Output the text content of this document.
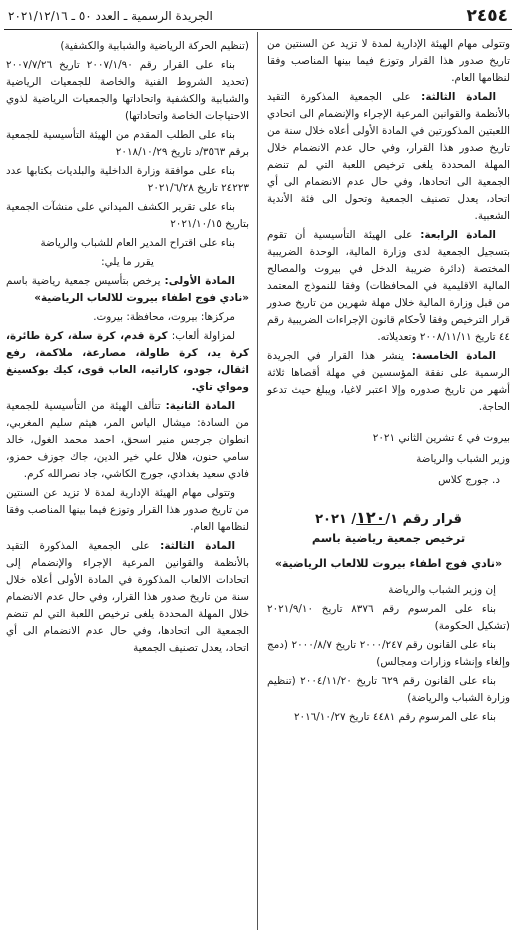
٢٤٥٤
الجريدة الرسمية ـ العدد ٥٠ ـ ٢٠٢١/١٢/١٦

وتتولى مهام الهيئة الإدارية لمدة لا تزيد عن السنتين من تاريخ صدور هذا القرار وتوزع فيما بينها المناصب وفقا لنظامها العام.

المادة الثالثة: على الجمعية المذكورة التقيد بالأنظمة والقوانين المرعية الإجراء والإنضمام الى اتحادي اللعبتين المذكورتين في المادة الأولى أعلاه خلال سنة من تاريخ صدور هذا القرار، وفي حال عدم الانضمام خلال المهلة المحددة يلغى ترخيص اللعبة التي لم تنضم الجمعية الى اتحادها، وفي حال عدم الانضمام الى أي اتحاد، يعدل تصنيف الجمعية وتحول الى فئة الأندية الشعبية.

المادة الرابعة: على الهيئة التأسيسية أن تقوم بتسجيل الجمعية لدى وزارة المالية، الوحدة الضريبية المختصة (دائرة ضريبة الدخل في بيروت والمصالح المالية الاقليمية في المحافظات) وفقا للنموذج المعتمد من قبل وزارة المالية خلال مهلة شهرين من تاريخ صدور قرار الترخيص وفقا لأحكام قانون الإجراءات الضريبية رقم ٤٤ تاريخ ٢٠٠٨/١١/١١ وتعديلاته.

المادة الخامسة: ينشر هذا القرار في الجريدة الرسمية على نفقة المؤسسين في مهلة أقصاها ثلاثة أشهر من تاريخ صدوره وإلا اعتبر لاغيا، ويبلغ حيث تدعو الحاجة.

بيروت في ٤ تشرين الثاني ٢٠٢١
وزير الشباب والرياضة
د. جورج كلاس
قرار رقم ١٢٠/١/ ٢٠٢١
ترخيص جمعية رياضية باسم
«نادي فوج اطفاء بيروت للالعاب الرياضية»

إن وزير الشباب والرياضة

بناء على المرسوم رقم ٨٣٧٦ تاريخ ٢٠٢١/٩/١٠ (تشكيل الحكومة)

بناء على القانون رقم ٢٠٠٠/٢٤٧ تاريخ ٢٠٠٠/٨/٧ (دمج وإلغاء وإنشاء وزارات ومجالس)

بناء على القانون رقم ٦٢٩ تاريخ ٢٠٠٤/١١/٢٠ (تنظيم وزارة الشباب والرياضة)

بناء على المرسوم رقم ٤٤٨١ تاريخ ٢٠١٦/١٠/٢٧

(تنظيم الحركة الرياضية والشبابية والكشفية)

بناء على القرار رقم ٢٠٠٧/١/٩٠ تاريخ ٢٠٠٧/٧/٢٦ (تحديد الشروط الفنية والخاصة للجمعيات الرياضية والشبابية والكشفية واتحاداتها والجمعيات الرياضية لذوي الاحتياجات الخاصة واتحاداتها)

بناء على الطلب المقدم من الهيئة التأسيسية للجمعية برقم ٣٥٦٣/د تاريخ ٢٠١٨/١٠/٢٩

بناء على موافقة وزارة الداخلية والبلديات بكتابها عدد ٢٤٢٢٣ تاريخ ٢٠٢١/٦/٢٨

بناء على تقرير الكشف الميداني على منشآت الجمعية بتاريخ ٢٠٢١/١٠/١٥

بناء على اقتراح المدير العام للشباب والرياضة

يقرر ما يلي:

المادة الأولى: يرخص بتأسيس جمعية رياضية باسم «نادي فوج اطفاء بيروت للالعاب الرياضية»

مركزها: بيروت، محافظة: بيروت.

لمزاولة ألعاب: كرة قدم، كرة سلة، كرة طائرة، كرة يد، كرة طاولة، مصارعة، ملاكمة، رفع اثقال، جودو، كاراتيه، العاب قوى، كيك بوكسينغ ومواي تاي.

المادة الثانية: تتألف الهيئة من التأسيسية للجمعية من السادة: ميشال الياس المر، هيثم سليم المغربي، انطوان جرجس منير اسحق، احمد محمد الغول، خالد سامي حنون، هلال علي خير الدين، جاك جوزف حمزو، فادي سعيد بغدادي، جورج الكاشي، جاد نصرالله كرم.

وتتولى مهام الهيئة الإدارية لمدة لا تزيد عن السنتين من تاريخ صدور هذا القرار وتوزع فيما بينها المناصب وفقا لنظامها العام.

المادة الثالثة: على الجمعية المذكورة التقيد بالأنظمة والقوانين المرعية الإجراء والإنضمام إلى اتحادات الالعاب المذكورة في المادة الأولى أعلاه خلال سنة من تاريخ صدور هذا القرار، وفي حال عدم الانضمام خلال المهلة المحددة يلغى ترخيص اللعبة التي لم تنضم الجمعية الى اتحادها، وفي حال عدم الانضمام الى أي اتحاد، يعدل تصنيف الجمعية
